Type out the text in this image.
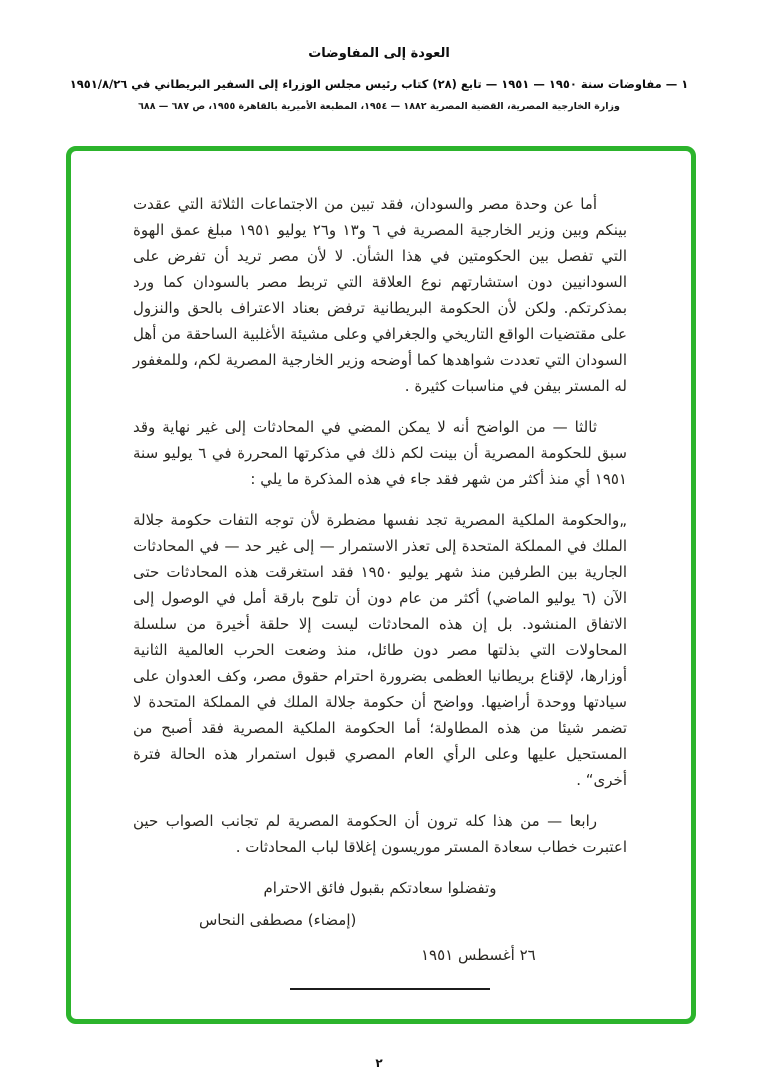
العودة إلى المفاوضات
١ — مفاوضات سنة ١٩٥٠ — ١٩٥١ — تابع (٢٨) كتاب رئيس مجلس الوزراء إلى السفير البريطاني في ١٩٥١/٨/٢٦
وزارة الخارجية المصرية، القضية المصرية ١٨٨٢ — ١٩٥٤، المطبعة الأميرية بالقاهرة ١٩٥٥، ص ٦٨٧ — ٦٨٨

أما عن وحدة مصر والسودان، فقد تبين من الاجتماعات الثلاثة التي عقدت بينكم وبين وزير الخارجية المصرية في ٦ و١٣ و٢٦ يوليو ١٩٥١ مبلغ عمق الهوة التي تفصل بين الحكومتين في هذا الشأن. لا لأن مصر تريد أن تفرض على السودانيين دون استشارتهم نوع العلاقة التي تربط مصر بالسودان كما ورد بمذكرتكم. ولكن لأن الحكومة البريطانية ترفض بعناد الاعتراف بالحق والنزول على مقتضيات الواقع التاريخي والجغرافي وعلى مشيئة الأغلبية الساحقة من أهل السودان التي تعددت شواهدها كما أوضحه وزير الخارجية المصرية لكم، وللمغفور له المستر بيفن في مناسبات كثيرة .

ثالثا — من الواضح أنه لا يمكن المضي في المحادثات إلى غير نهاية وقد سبق للحكومة المصرية أن بينت لكم ذلك في مذكرتها المحررة في ٦ يوليو سنة ١٩٥١ أي منذ أكثر من شهر فقد جاء في هذه المذكرة ما يلي :

„والحكومة الملكية المصرية تجد نفسها مضطرة لأن توجه التفات حكومة جلالة الملك في المملكة المتحدة إلى تعذر الاستمرار — إلى غير حد — في المحادثات الجارية بين الطرفين منذ شهر يوليو ١٩٥٠ فقد استغرقت هذه المحادثات حتى الآن (٦ يوليو الماضي) أكثر من عام دون أن تلوح بارقة أمل في الوصول إلى الاتفاق المنشود. بل إن هذه المحادثات ليست إلا حلقة أخيرة من سلسلة المحاولات التي بذلتها مصر دون طائل، منذ وضعت الحرب العالمية الثانية أوزارها، لإقناع بريطانيا العظمى بضرورة احترام حقوق مصر، وكف العدوان على سيادتها ووحدة أراضيها. وواضح أن حكومة جلالة الملك في المملكة المتحدة لا تضمر شيئا من هذه المطاولة؛ أما الحكومة الملكية المصرية فقد أصبح من المستحيل عليها وعلى الرأي العام المصري قبول استمرار هذه الحالة فترة أخرى“ .

رابعا — من هذا كله ترون أن الحكومة المصرية لم تجانب الصواب حين اعتبرت خطاب سعادة المستر موريسون إغلاقا لباب المحادثات .

وتفضلوا سعادتكم بقبول فائق الاحترام
(إمضاء) مصطفى النحاس
٢٦ أغسطس ١٩٥١
٢
